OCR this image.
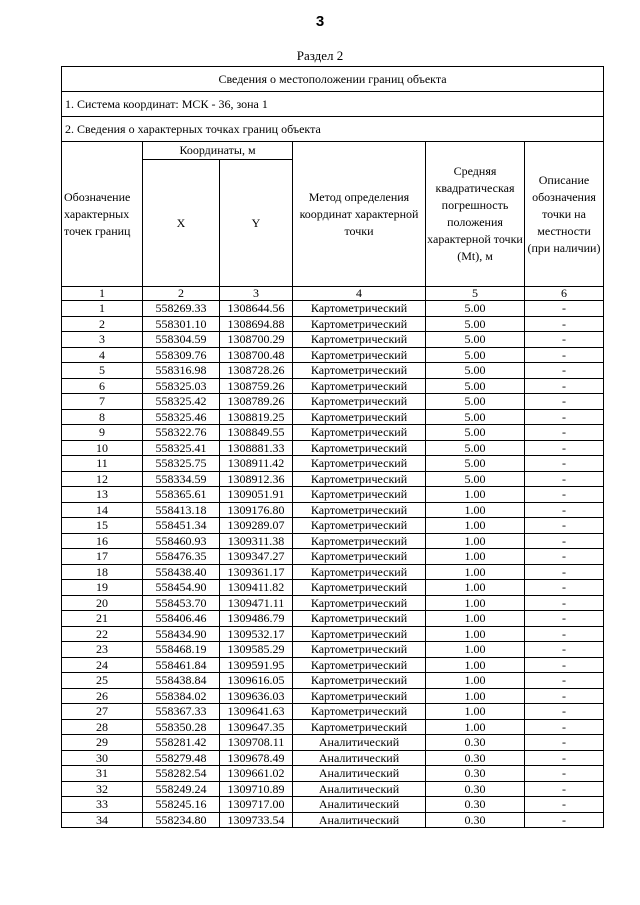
3
Раздел 2
Сведения о местоположении границ объекта					
1. Система координат: МСК - 36, зона 1					
2. Сведения о характерных точках границ объекта					
Обозначение характерных точек границ	Координаты, м		Метод определения координат характерной точки	Средняя квадратическая погрешность положения характерной точки (Mt), м	Описание обозначения точки на местности (при наличии)
	X	Y			
1	2	3	4	5	6
1	558269.33	1308644.56	Картометрический	5.00	-
2	558301.10	1308694.88	Картометрический	5.00	-
3	558304.59	1308700.29	Картометрический	5.00	-
4	558309.76	1308700.48	Картометрический	5.00	-
5	558316.98	1308728.26	Картометрический	5.00	-
6	558325.03	1308759.26	Картометрический	5.00	-
7	558325.42	1308789.26	Картометрический	5.00	-
8	558325.46	1308819.25	Картометрический	5.00	-
9	558322.76	1308849.55	Картометрический	5.00	-
10	558325.41	1308881.33	Картометрический	5.00	-
11	558325.75	1308911.42	Картометрический	5.00	-
12	558334.59	1308912.36	Картометрический	5.00	-
13	558365.61	1309051.91	Картометрический	1.00	-
14	558413.18	1309176.80	Картометрический	1.00	-
15	558451.34	1309289.07	Картометрический	1.00	-
16	558460.93	1309311.38	Картометрический	1.00	-
17	558476.35	1309347.27	Картометрический	1.00	-
18	558438.40	1309361.17	Картометрический	1.00	-
19	558454.90	1309411.82	Картометрический	1.00	-
20	558453.70	1309471.11	Картометрический	1.00	-
21	558406.46	1309486.79	Картометрический	1.00	-
22	558434.90	1309532.17	Картометрический	1.00	-
23	558468.19	1309585.29	Картометрический	1.00	-
24	558461.84	1309591.95	Картометрический	1.00	-
25	558438.84	1309616.05	Картометрический	1.00	-
26	558384.02	1309636.03	Картометрический	1.00	-
27	558367.33	1309641.63	Картометрический	1.00	-
28	558350.28	1309647.35	Картометрический	1.00	-
29	558281.42	1309708.11	Аналитический	0.30	-
30	558279.48	1309678.49	Аналитический	0.30	-
31	558282.54	1309661.02	Аналитический	0.30	-
32	558249.24	1309710.89	Аналитический	0.30	-
33	558245.16	1309717.00	Аналитический	0.30	-
34	558234.80	1309733.54	Аналитический	0.30	-
